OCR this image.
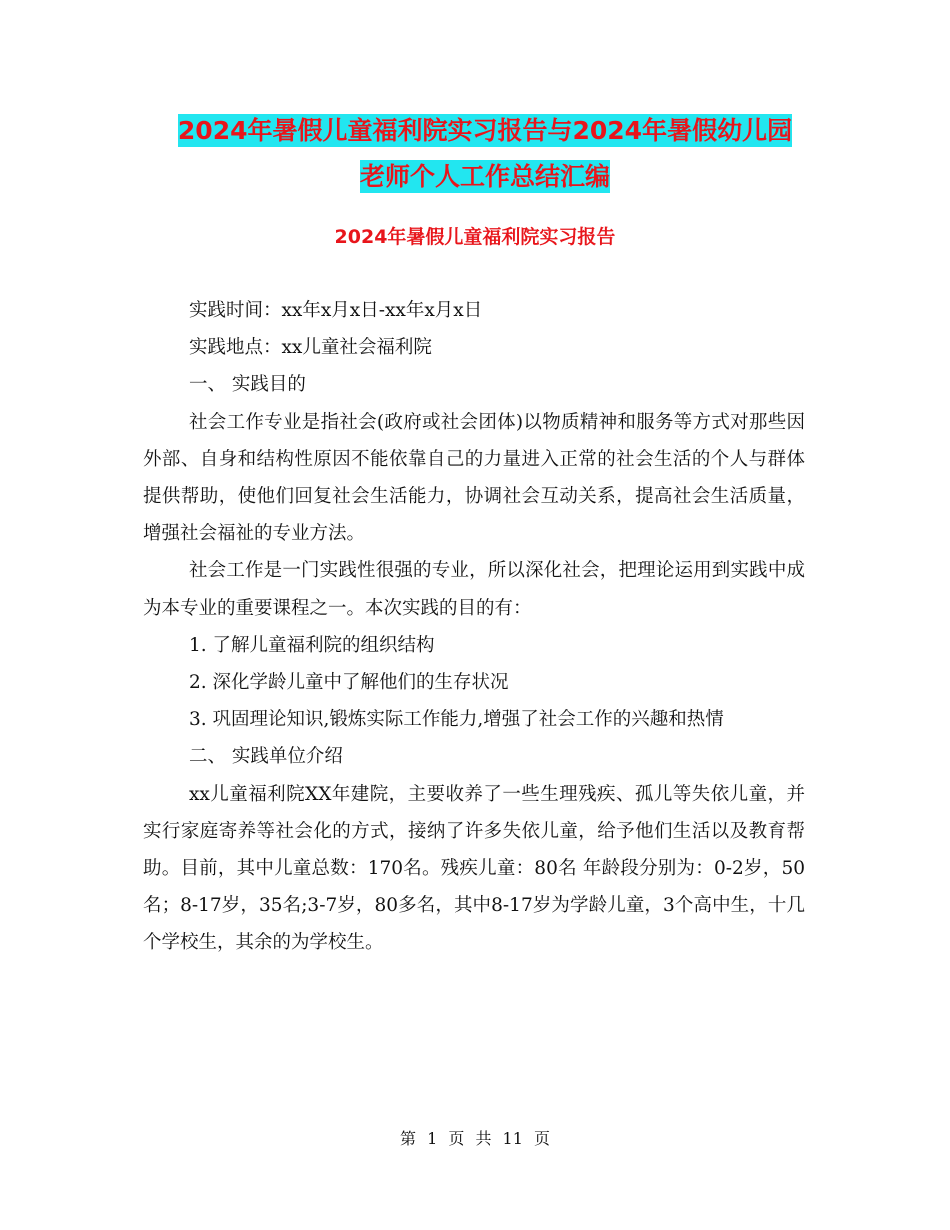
2024年暑假儿童福利院实习报告与2024年暑假幼儿园
老师个人工作总结汇编
2024年暑假儿童福利院实习报告

实践时间：xx年x月x日-xx年x月x日

实践地点：xx儿童社会福利院

一、 实践目的

社会工作专业是指社会(政府或社会团体)以物质精神和服务等方式对那些因外部、自身和结构性原因不能依靠自己的力量进入正常的社会生活的个人与群体提供帮助，使他们回复社会生活能力，协调社会互动关系，提高社会生活质量，增强社会福祉的专业方法。

社会工作是一门实践性很强的专业，所以深化社会，把理论运用到实践中成为本专业的重要课程之一。本次实践的目的有：

1. 了解儿童福利院的组织结构

2. 深化学龄儿童中了解他们的生存状况

3. 巩固理论知识,锻炼实际工作能力,增强了社会工作的兴趣和热情

二、 实践单位介绍

xx儿童福利院XX年建院，主要收养了一些生理残疾、孤儿等失依儿童，并实行家庭寄养等社会化的方式，接纳了许多失依儿童，给予他们生活以及教育帮助。目前，其中儿童总数：170名。残疾儿童：80名 年龄段分别为：0-2岁，50名；8-17岁，35名;3-7岁，80多名，其中8-17岁为学龄儿童，3个高中生，十几个学校生，其余的为学校生。

第 1 页 共 11 页
